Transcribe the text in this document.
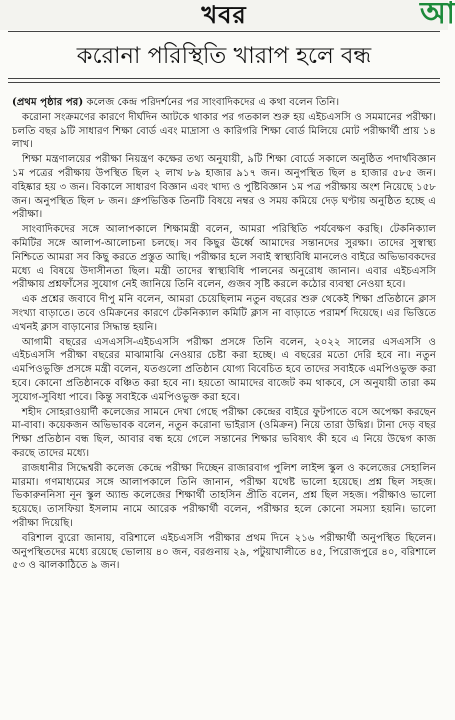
খবর	আ
করোনা পরিস্থিতি খারাপ হলে বন্ধ

(প্রথম পৃষ্ঠার পর) কলেজ কেন্দ্র পরিদর্শনের পর সাংবাদিকদের এ কথা বলেন তিনি।

করোনা সংক্রমণের কারণে দীর্ঘদিন আটকে থাকার পর গতকাল শুরু হয় এইচএসসি ও সমমানের পরীক্ষা। চলতি বছর ৯টি সাধারণ শিক্ষা বোর্ড এবং মাদ্রাসা ও কারিগরি শিক্ষা বোর্ড মিলিয়ে মোট পরীক্ষার্থী প্রায় ১৪ লাখ।

শিক্ষা মন্ত্রণালয়ের পরীক্ষা নিয়ন্ত্রণ কক্ষের তথ্য অনুযায়ী, ৯টি শিক্ষা বোর্ডে সকালে অনুষ্ঠিত পদার্থবিজ্ঞান ১ম পত্রের পরীক্ষায় উপস্থিত ছিল ২ লাখ ৮৯ হাজার ৯১৭ জন। অনুপস্থিত ছিল ৪ হাজার ৫৮৫ জন। বহিষ্কার হয় ৩ জন। বিকালে সাধারণ বিজ্ঞান এবং খাদ্য ও পুষ্টিবিজ্ঞান ১ম পত্র পরীক্ষায় অংশ নিয়েছে ১৫৮ জন। অনুপস্থিত ছিল ৮ জন। গ্রুপভিত্তিক তিনটি বিষয়ে নম্বর ও সময় কমিয়ে দেড় ঘণ্টায় অনুষ্ঠিত হচ্ছে এ পরীক্ষা।

সাংবাদিকদের সঙ্গে আলাপকালে শিক্ষামন্ত্রী বলেন, আমরা পরিস্থিতি পর্যবেক্ষণ করছি। টেকনিক্যাল কমিটির সঙ্গে আলাপ-আলোচনা চলছে। সব কিছুর ঊর্ধ্বে আমাদের সন্তানদের সুরক্ষা। তাদের সুস্বাস্থ্য নিশ্চিতে আমরা সব কিছু করতে প্রস্তুত আছি। পরীক্ষার হলে সবাই স্বাস্থ্যবিধি মানলেও বাইরে অভিভাবকদের মধ্যে এ বিষয়ে উদাসীনতা ছিল। মন্ত্রী তাদের স্বাস্থ্যবিধি পালনের অনুরোধ জানান। এবার এইচএসসি পরীক্ষায় প্রশ্নফাঁসের সুযোগ নেই জানিয়ে তিনি বলেন, গুজব সৃষ্টি করলে কঠোর ব্যবস্থা নেওয়া হবে।

এক প্রশ্নের জবাবে দীপু মনি বলেন, আমরা চেয়েছিলাম নতুন বছরের শুরু থেকেই শিক্ষা প্রতিষ্ঠানে ক্লাস সংখ্যা বাড়াতে। তবে ওমিক্রনের কারণে টেকনিক্যাল কমিটি ক্লাস না বাড়াতে পরামর্শ দিয়েছে। এর ভিত্তিতে এখনই ক্লাস বাড়ানোর সিদ্ধান্ত হয়নি।

আগামী বছরের এসএসসি-এইচএসসি পরীক্ষা প্রসঙ্গে তিনি বলেন, ২০২২ সালের এসএসসি ও এইচএসসি পরীক্ষা বছরের মাঝামাঝি নেওয়ার চেষ্টা করা হচ্ছে। এ বছরের মতো দেরি হবে না। নতুন এমপিওভুক্তি প্রসঙ্গে মন্ত্রী বলেন, যতগুলো প্রতিষ্ঠান যোগ্য বিবেচিত হবে তাদের সবাইকে এমপিওভুক্ত করা হবে। কোনো প্রতিষ্ঠানকে বঞ্চিত করা হবে না। হয়তো আমাদের বাজেট কম থাকবে, সে অনুযায়ী তারা কম সুযোগ-সুবিধা পাবে। কিন্তু সবাইকে এমপিওভুক্ত করা হবে।

শহীদ সোহরাওয়ার্দী কলেজের সামনে দেখা গেছে পরীক্ষা কেন্দ্রের বাইরে ফুটপাতে বসে অপেক্ষা করছেন মা-বাবা। কয়েকজন অভিভাবক বলেন, নতুন করোনা ভাইরাস (ওমিক্রন) নিয়ে তারা উদ্বিগ্ন। টানা দেড় বছর শিক্ষা প্রতিষ্ঠান বন্ধ ছিল, আবার বন্ধ হয়ে গেলে সন্তানের শিক্ষার ভবিষ্যৎ কী হবে এ নিয়ে উদ্বেগ কাজ করছে তাদের মধ্যে।

রাজধানীর সিদ্ধেশ্বরী কলেজ কেন্দ্রে পরীক্ষা দিচ্ছেন রাজারবাগ পুলিশ লাইন্স স্কুল ও কলেজের সেহালিন মারমা। গণমাধ্যমের সঙ্গে আলাপকালে তিনি জানান, পরীক্ষা যথেষ্ট ভালো হয়েছে। প্রশ্ন ছিল সহজ। ভিকারুননিসা নূন স্কুল অ্যান্ড কলেজের শিক্ষার্থী তাহসিন প্রীতি বলেন, প্রশ্ন ছিল সহজ। পরীক্ষাও ভালো হয়েছে। তাসফিয়া ইসলাম নামে আরেক পরীক্ষার্থী বলেন, পরীক্ষার হলে কোনো সমস্যা হয়নি। ভালো পরীক্ষা দিয়েছি।

বরিশাল ব্যুরো জানায়, বরিশালে এইচএসসি পরীক্ষার প্রথম দিনে ২১৬ পরীক্ষার্থী অনুপস্থিত ছিলেন। অনুপস্থিতদের মধ্যে রয়েছে ভোলায় ৪০ জন, বরগুনায় ২৯, পটুয়াখালীতে ৪৫, পিরোজপুরে ৪০, বরিশালে ৫৩ ও ঝালকাঠিতে ৯ জন।
